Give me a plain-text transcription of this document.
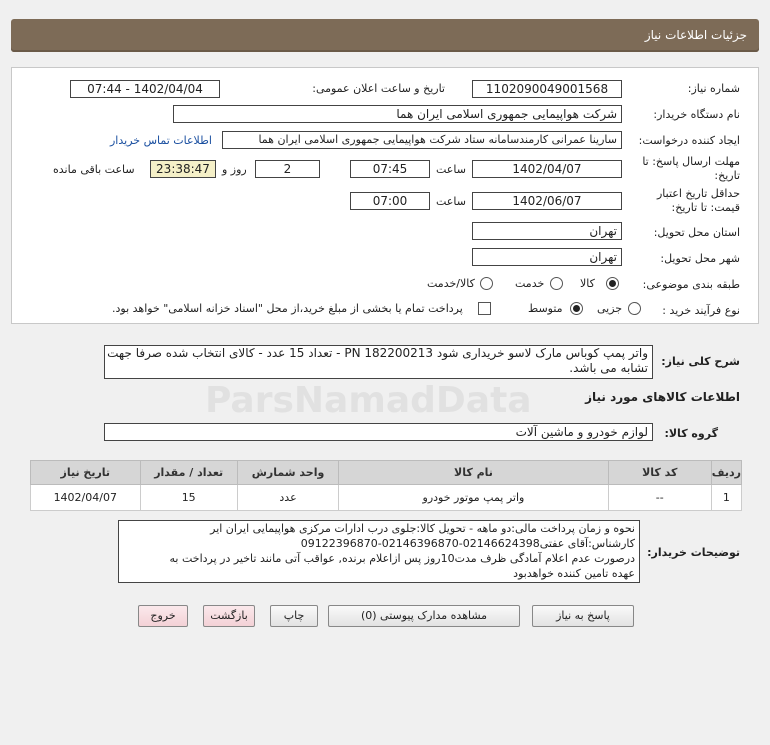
جزئیات اطلاعات نیاز
ParsNamadData
شماره نیاز:
1102090049001568
تاریخ و ساعت اعلان عمومی:
1402/04/04 - 07:44
نام دستگاه خریدار:
شرکت هواپیمایی جمهوری اسلامی ایران هما
ایجاد کننده درخواست:
سارینا عمرانی کارمندسامانه ستاد شرکت هواپیمایی جمهوری اسلامی ایران هما
اطلاعات تماس خریدار
مهلت ارسال پاسخ: تا
تاریخ:
1402/04/07
ساعت
07:45
2
روز و
23:38:47
ساعت باقی مانده
حداقل تاریخ اعتبار
قیمت: تا تاریخ:
1402/06/07
ساعت
07:00
استان محل تحویل:
تهران
شهر محل تحویل:
تهران
طبقه بندی موضوعی:
کالا
خدمت
کالا/خدمت
نوع فرآیند خرید :
جزیی
متوسط
پرداخت تمام یا بخشی از مبلغ خرید،از محل "اسناد خزانه اسلامی" خواهد بود.
شرح کلی نیاز:
واتر پمپ کوباس مارک لاسو خریداری شود PN 182200213 - تعداد 15 عدد - کالای انتخاب شده صرفا جهت
تشابه می باشد.
اطلاعات کالاهای مورد نیاز
گروه کالا:
لوازم خودرو و ماشین آلات
ردیف	کد کالا	نام کالا	واحد شمارش	تعداد / مقدار	تاریخ نیاز
1	--	واتر پمپ موتور خودرو	عدد	15	1402/04/07
توضیحات خریدار:
نحوه و زمان پرداخت مالی:دو ماهه - تحویل کالا:جلوی درب ادارات مرکزی هواپیمایی ایران ایر
کارشناس:آقای عفتی02146624398-02146396870-09122396870
درصورت عدم اعلام آمادگی ظرف مدت10روز پس ازاعلام برنده, عواقب آتی مانند تاخیر در پرداخت به
عهده تامین کننده خواهدبود
پاسخ به نیاز
مشاهده مدارک پیوستی (0)
چاپ
بازگشت
خروج
